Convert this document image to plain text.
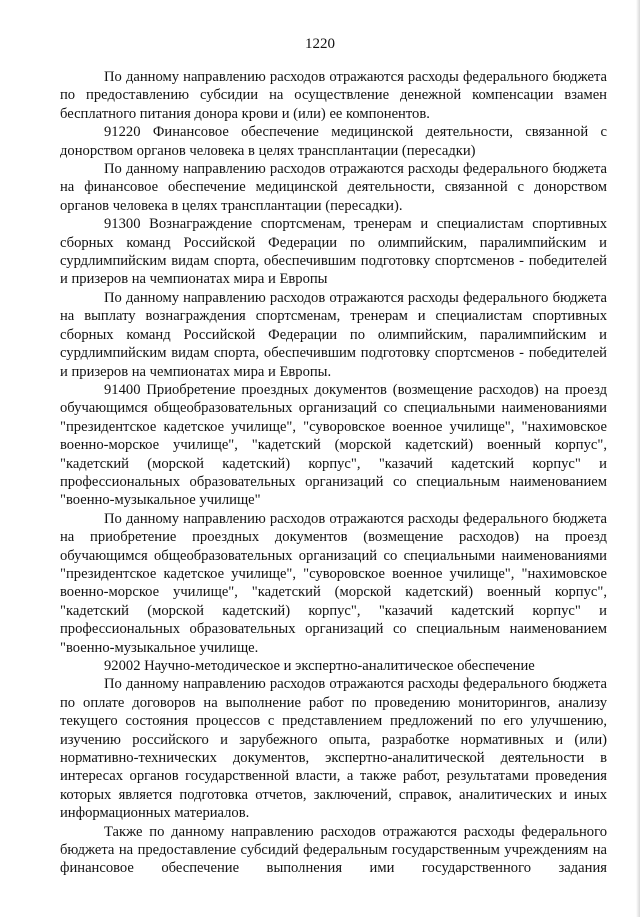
1220

По данному направлению расходов отражаются расходы федерального бюджета по предоставлению субсидии на осуществление денежной компенсации взамен бесплатного питания донора крови и (или) ее компонентов.

91220 Финансовое обеспечение медицинской деятельности, связанной с донорством органов человека в целях трансплантации (пересадки)

По данному направлению расходов отражаются расходы федерального бюджета на финансовое обеспечение медицинской деятельности, связанной с донорством органов человека в целях трансплантации (пересадки).

91300 Вознаграждение спортсменам, тренерам и специалистам спортивных сборных команд Российской Федерации по олимпийским, паралимпийским и сурдлимпийским видам спорта, обеспечившим подготовку спортсменов - победителей и призеров на чемпионатах мира и Европы

По данному направлению расходов отражаются расходы федерального бюджета на выплату вознаграждения спортсменам, тренерам и специалистам спортивных сборных команд Российской Федерации по олимпийским, паралимпийским и сурдлимпийским видам спорта, обеспечившим подготовку спортсменов - победителей и призеров на чемпионатах мира и Европы.

91400 Приобретение проездных документов (возмещение расходов) на проезд обучающимся общеобразовательных организаций со специальными наименованиями "президентское кадетское училище", "суворовское военное училище", "нахимовское военно-морское училище", "кадетский (морской кадетский) военный корпус", "кадетский (морской кадетский) корпус", "казачий кадетский корпус" и профессиональных образовательных организаций со специальным наименованием "военно-музыкальное училище"

По данному направлению расходов отражаются расходы федерального бюджета на приобретение проездных документов (возмещение расходов) на проезд обучающимся общеобразовательных организаций со специальными наименованиями "президентское кадетское училище", "суворовское военное училище", "нахимовское военно-морское училище", "кадетский (морской кадетский) военный корпус", "кадетский (морской кадетский) корпус", "казачий кадетский корпус" и профессиональных образовательных организаций со специальным наименованием "военно-музыкальное училище.

92002 Научно-методическое и экспертно-аналитическое обеспечение

По данному направлению расходов отражаются расходы федерального бюджета по оплате договоров на выполнение работ по проведению мониторингов, анализу текущего состояния процессов с представлением предложений по его улучшению, изучению российского и зарубежного опыта, разработке нормативных и (или) нормативно-технических документов, экспертно-аналитической деятельности в интересах органов государственной власти, а также работ, результатами проведения которых является подготовка отчетов, заключений, справок, аналитических и иных информационных материалов.

Также по данному направлению расходов отражаются расходы федерального бюджета на предоставление субсидий федеральным государственным учреждениям на финансовое обеспечение выполнения ими государственного задания
